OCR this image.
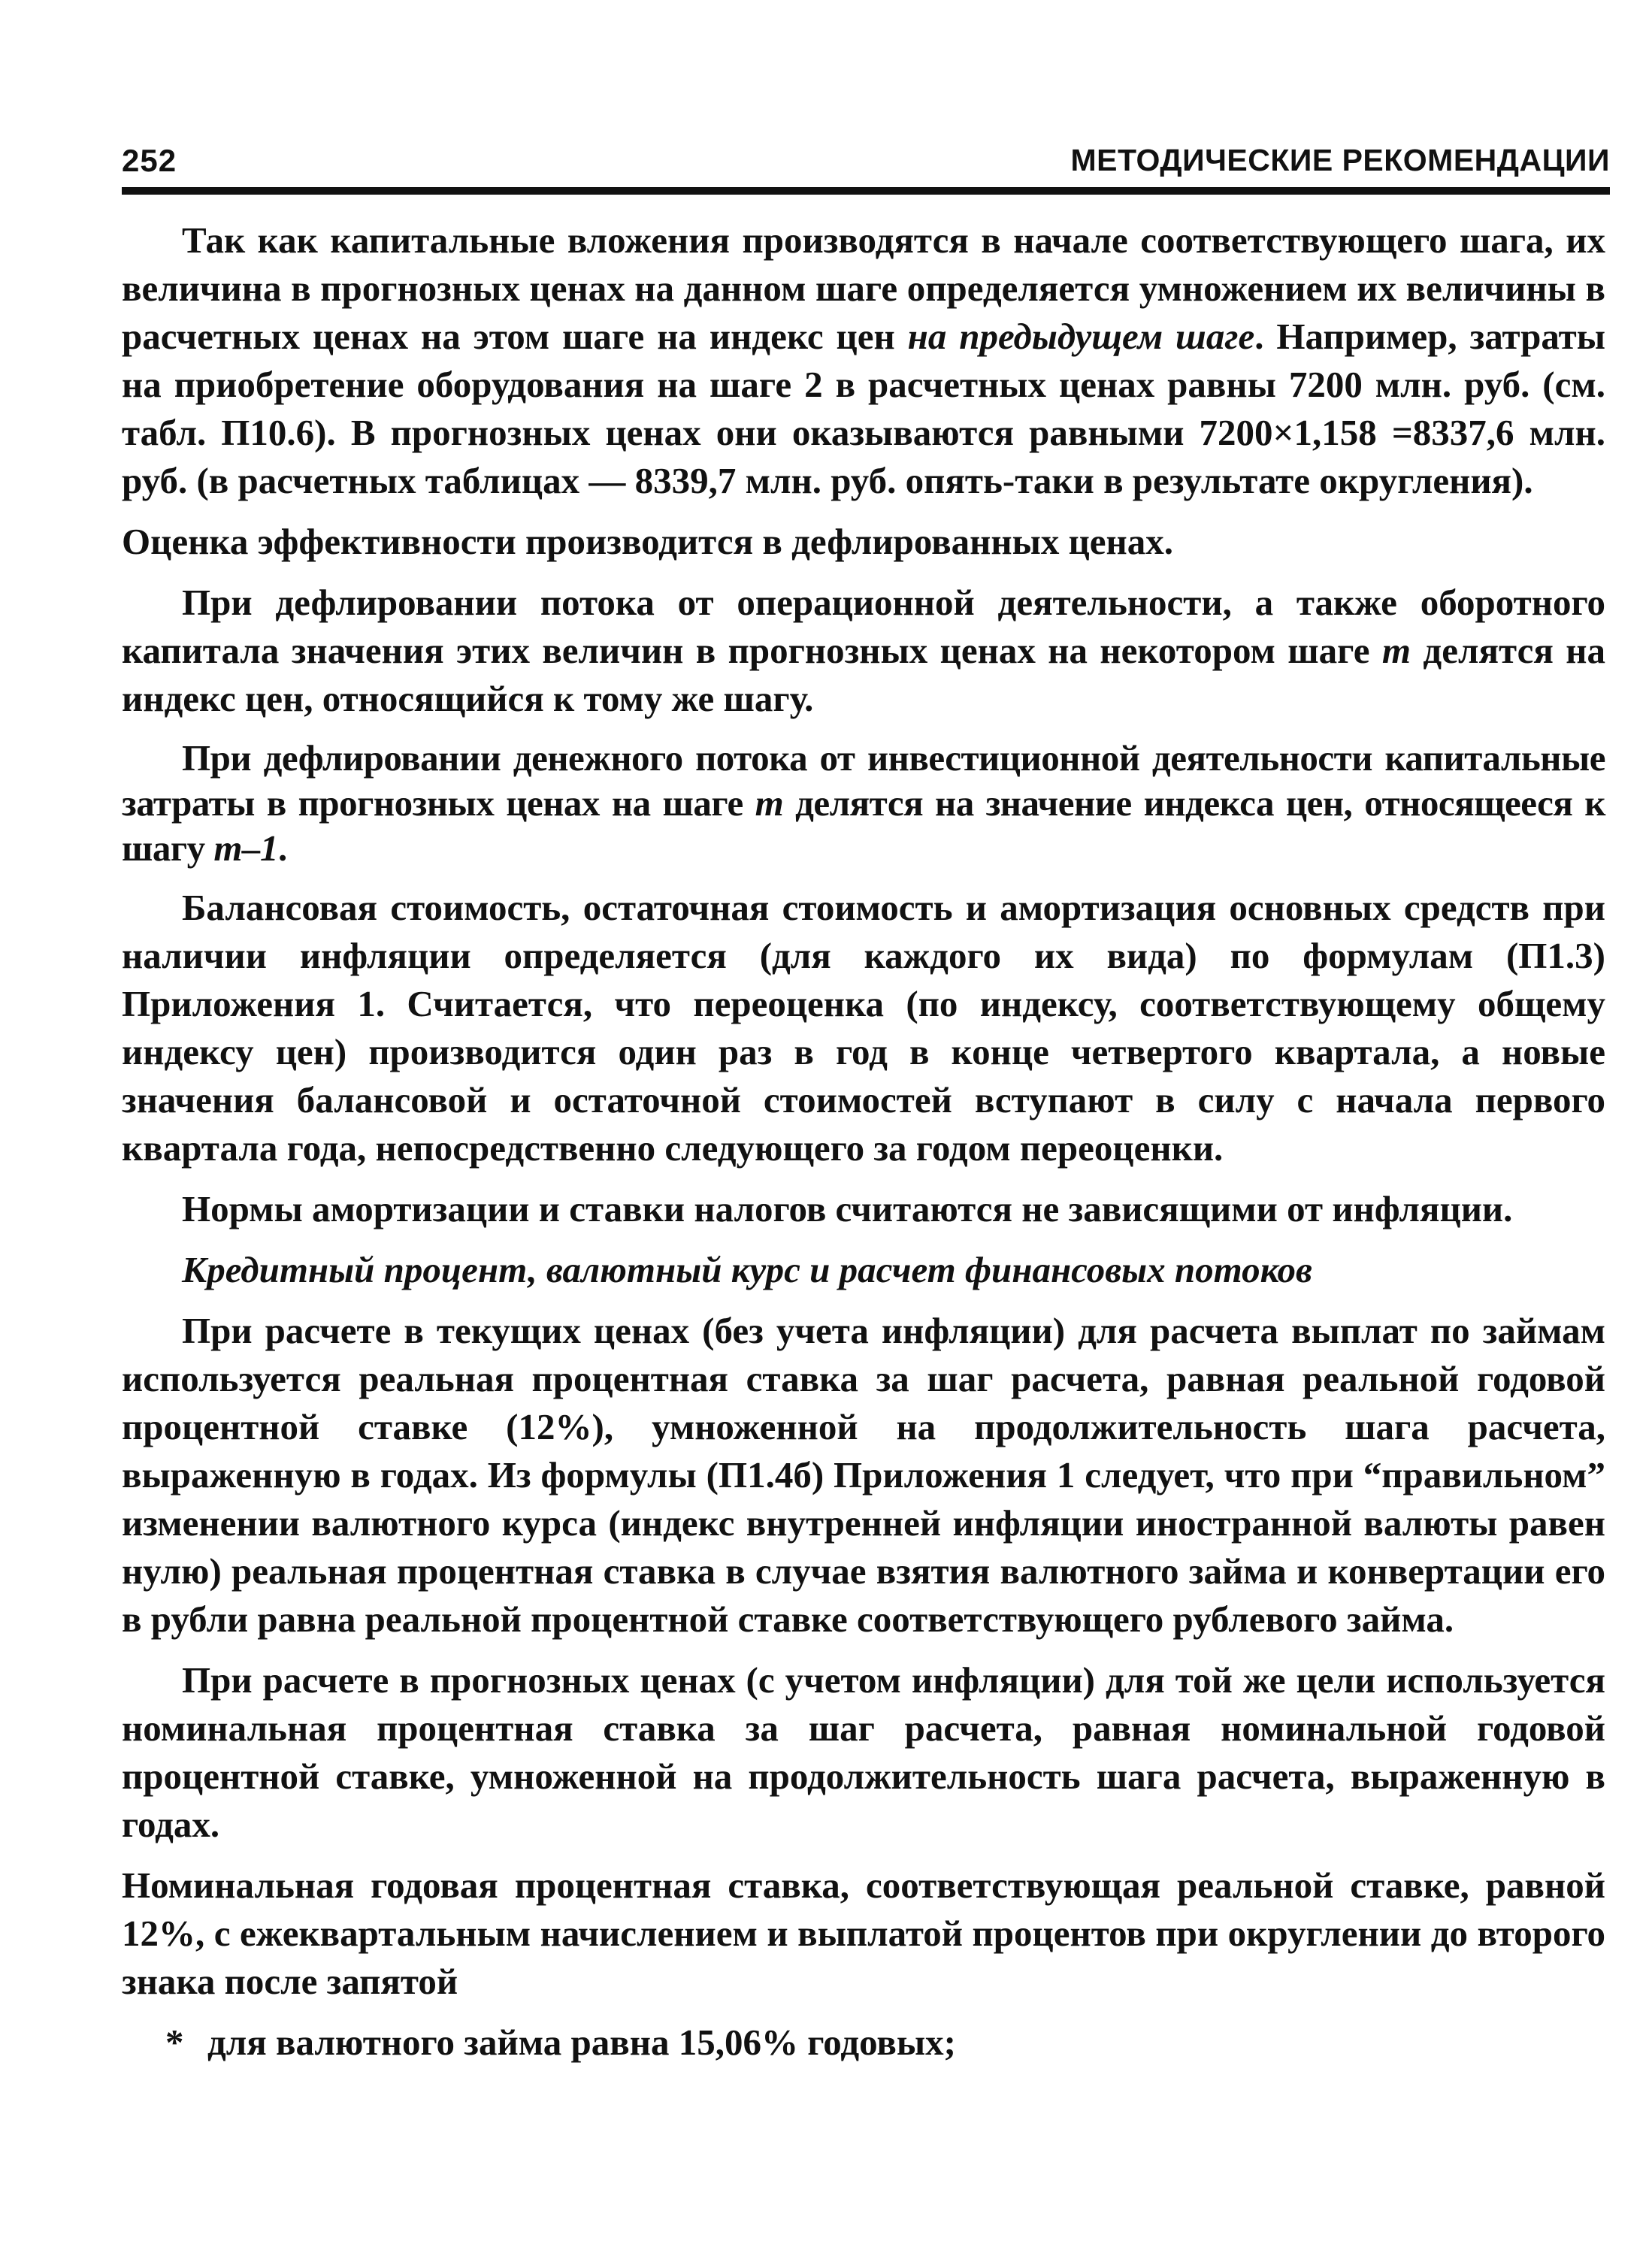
252	МЕТОДИЧЕСКИЕ РЕКОМЕНДАЦИИ

Так как капитальные вложения производятся в начале соответствующего шага, их величина в прогнозных ценах на данном шаге определяется умножением их величины в расчетных ценах на этом шаге на индекс цен на предыдущем шаге. Например, затраты на приобретение оборудования на шаге 2 в расчетных ценах равны 7200 млн. руб. (см. табл. П10.6). В прогнозных ценах они оказываются равными 7200×1,158 =8337,6 млн. руб. (в расчетных таблицах — 8339,7 млн. руб. опять-таки в результате округления).

Оценка эффективности производится в дефлированных ценах.

При дефлировании потока от операционной деятельности, а также оборотного капитала значения этих величин в прогнозных ценах на некотором шаге m делятся на индекс цен, относящийся к тому же шагу.

При дефлировании денежного потока от инвестиционной деятельности капитальные затраты в прогнозных ценах на шаге m делятся на значение индекса цен, относящееся к шагу m–1.

Балансовая стоимость, остаточная стоимость и амортизация основных средств при наличии инфляции определяется (для каждого их вида) по формулам (П1.3) Приложения 1. Считается, что переоценка (по индексу, соответствующему общему индексу цен) производится один раз в год в конце четвертого квартала, а новые значения балансовой и остаточной стоимостей вступают в силу с начала первого квартала года, непосредственно следующего за годом переоценки.

Нормы амортизации и ставки налогов считаются не зависящими от инфляции.

Кредитный процент, валютный курс и расчет финансовых потоков

При расчете в текущих ценах (без учета инфляции) для расчета выплат по займам используется реальная процентная ставка за шаг расчета, равная реальной годовой процентной ставке (12%), умноженной на продолжительность шага расчета, выраженную в годах. Из формулы (П1.4б) Приложения 1 следует, что при “правильном” изменении валютного курса (индекс внутренней инфляции иностранной валюты равен нулю) реальная процентная ставка в случае взятия валютного займа и конвертации его в рубли равна реальной процентной ставке соответствующего рублевого займа.

При расчете в прогнозных ценах (с учетом инфляции) для той же цели используется номинальная процентная ставка за шаг расчета, равная номинальной годовой процентной ставке, умноженной на продолжительность шага расчета, выраженную в годах.

Номинальная годовая процентная ставка, соответствующая реальной ставке, равной 12%, с ежеквартальным начислением и выплатой процентов при округлении до второго знака после запятой

* для валютного займа равна 15,06% годовых;
